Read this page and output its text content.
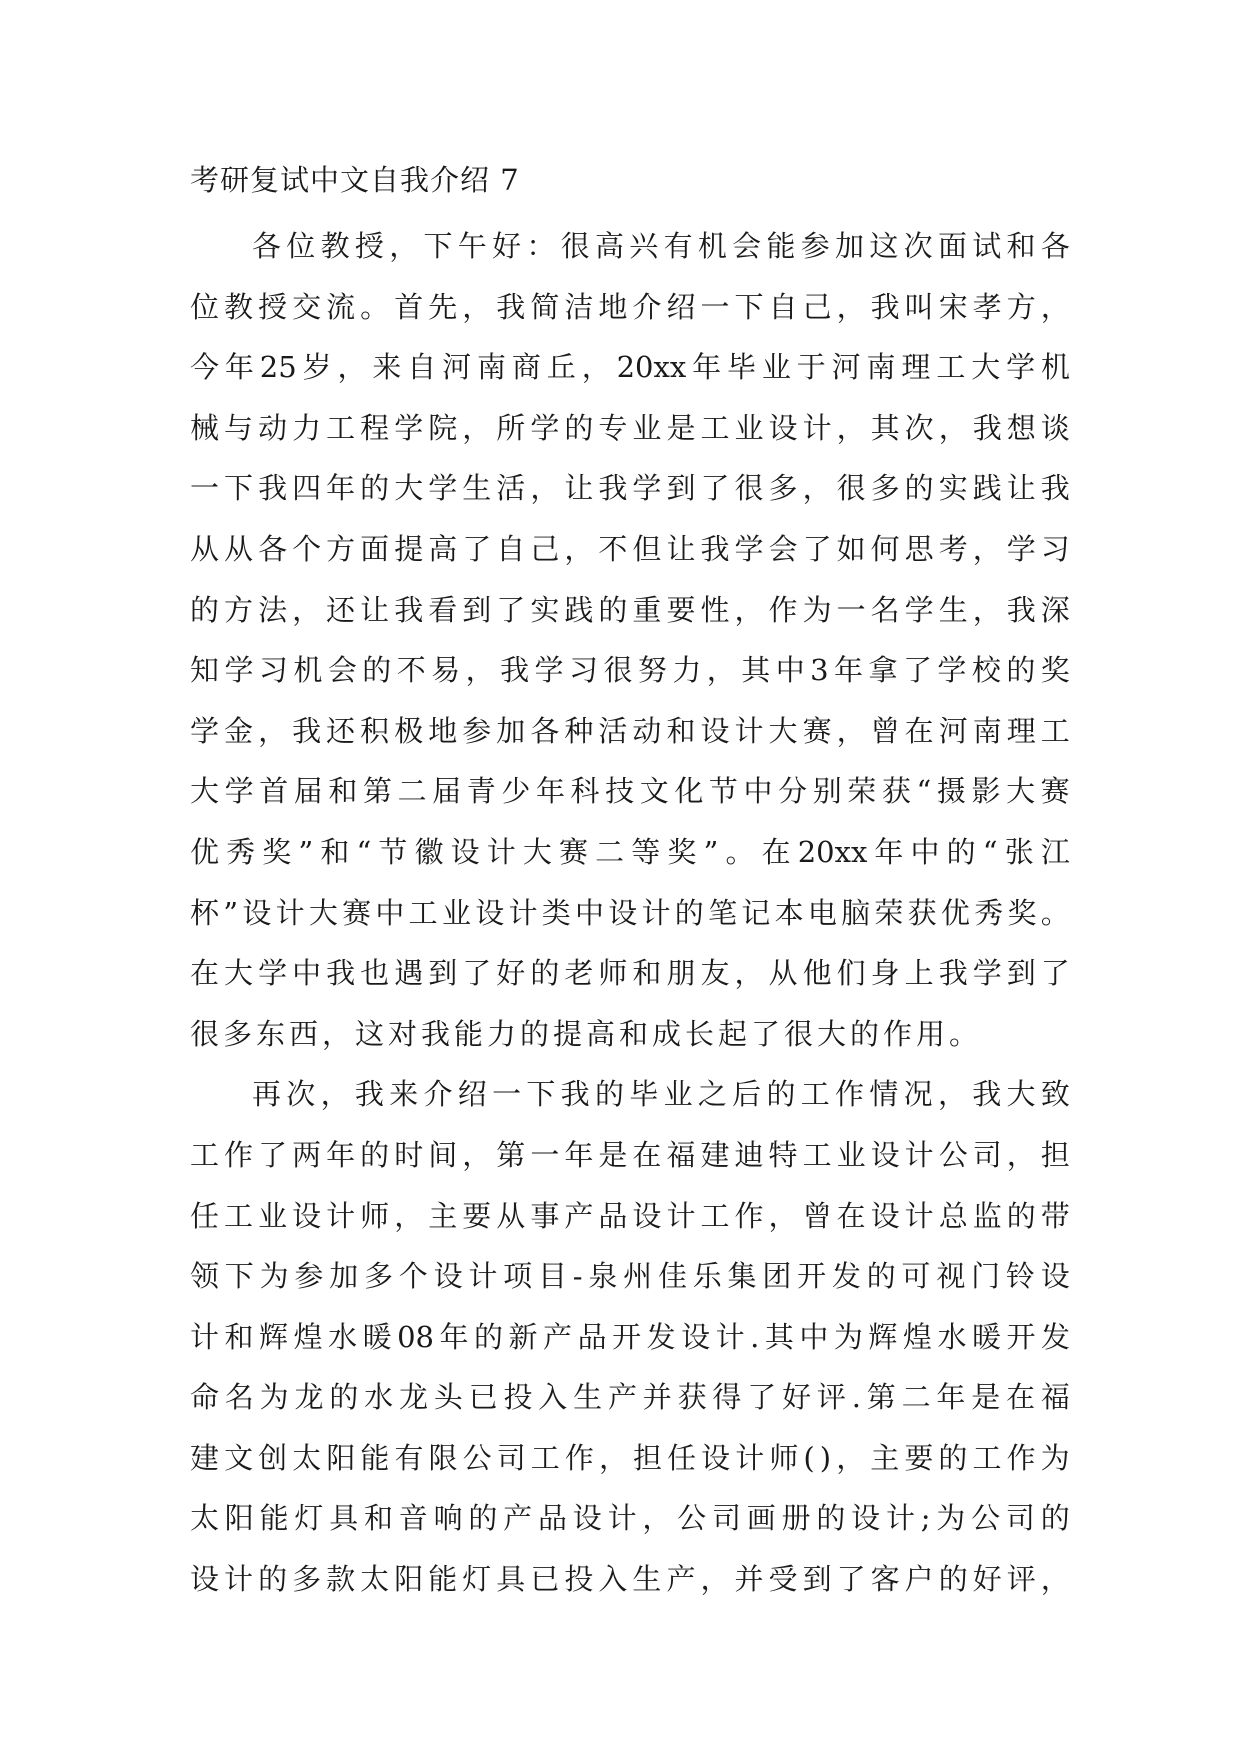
考研复试中文自我介绍 7
各 位 教 授 ， 下 午 好 ： 很 高 兴 有 机 会 能 参 加 这 次 面 试 和 各
位 教 授 交 流 。 首 先 ， 我 简 洁 地 介 绍 一 下 自 己 ， 我 叫 宋 孝 方 ，
今 年 25 岁 ， 来 自 河 南 商 丘 ， 20xx 年 毕 业 于 河 南 理 工 大 学 机
械 与 动 力 工 程 学 院 ， 所 学 的 专 业 是 工 业 设 计 ， 其 次 ， 我 想 谈
一 下 我 四 年 的 大 学 生 活 ， 让 我 学 到 了 很 多 ， 很 多 的 实 践 让 我
从 从 各 个 方 面 提 高 了 自 己 ， 不 但 让 我 学 会 了 如 何 思 考 ， 学 习
的 方 法 ， 还 让 我 看 到 了 实 践 的 重 要 性 ， 作 为 一 名 学 生 ， 我 深
知 学 习 机 会 的 不 易 ， 我 学 习 很 努 力 ， 其 中 3 年 拿 了 学 校 的 奖
学 金 ， 我 还 积 极 地 参 加 各 种 活 动 和 设 计 大 赛 ， 曾 在 河 南 理 工
大 学 首 届 和 第 二 届 青 少 年 科 技 文 化 节 中 分 别 荣 获 “ 摄 影 大 赛
优 秀 奖 ” 和 “ 节 徽 设 计 大 赛 二 等 奖 ” 。 在 20xx 年 中 的 “ 张 江
杯 ” 设 计 大 赛 中 工 业 设 计 类 中 设 计 的 笔 记 本 电 脑 荣 获 优 秀 奖 。
在 大 学 中 我 也 遇 到 了 好 的 老 师 和 朋 友 ， 从 他 们 身 上 我 学 到 了
很多东西，这对我能力的提高和成长起了很大的作用。
再 次 ， 我 来 介 绍 一 下 我 的 毕 业 之 后 的 工 作 情 况 ， 我 大 致
工 作 了 两 年 的 时 间 ， 第 一 年 是 在 福 建 迪 特 工 业 设 计 公 司 ， 担
任 工 业 设 计 师 ， 主 要 从 事 产 品 设 计 工 作 ， 曾 在 设 计 总 监 的 带
领 下 为 参 加 多 个 设 计 项 目 - 泉 州 佳 乐 集 团 开 发 的 可 视 门 铃 设
计 和 辉 煌 水 暖 08 年 的 新 产 品 开 发 设 计 . 其 中 为 辉 煌 水 暖 开 发
命 名 为 龙 的 水 龙 头 已 投 入 生 产 并 获 得 了 好 评 . 第 二 年 是 在 福
建 文 创 太 阳 能 有 限 公 司 工 作 ， 担 任 设 计 师 ( ) ， 主 要 的 工 作 为
太 阳 能 灯 具 和 音 响 的 产 品 设 计 ， 公 司 画 册 的 设 计 ; 为 公 司 的
设 计 的 多 款 太 阳 能 灯 具 已 投 入 生 产 ， 并 受 到 了 客 户 的 好 评 ，
